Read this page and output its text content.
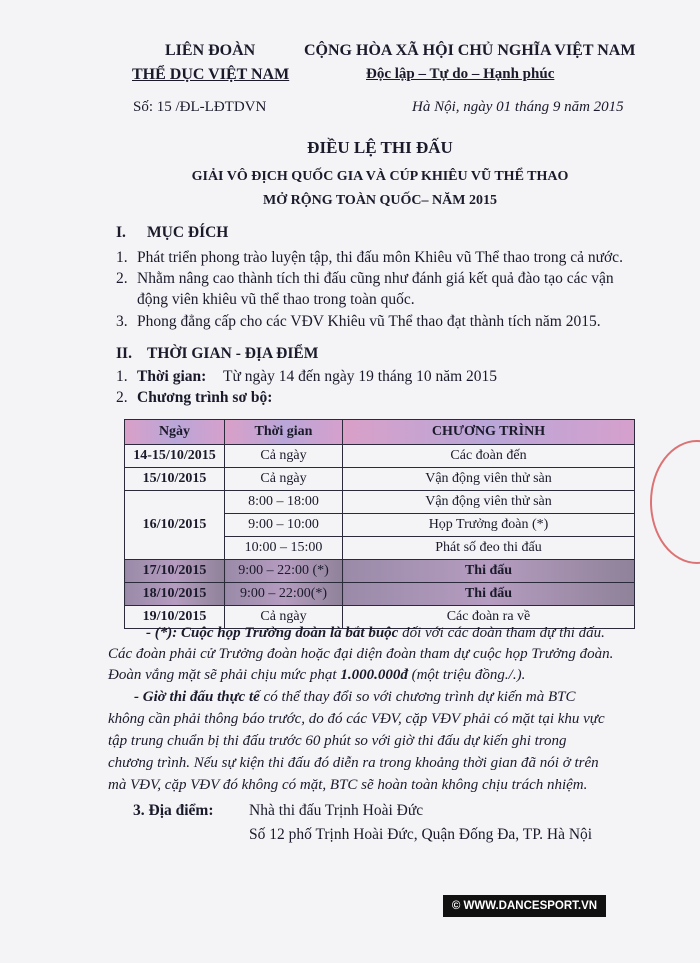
LIÊN ĐOÀN
THỂ DỤC VIỆT NAM
CỘNG HÒA XÃ HỘI CHỦ NGHĨA VIỆT NAM
Độc lập – Tự do – Hạnh phúc
Số: 15 /ĐL-LĐTDVN	Hà Nội, ngày 01 tháng 9 năm 2015
ĐIỀU LỆ THI ĐẤU
GIẢI VÔ ĐỊCH QUỐC GIA VÀ CÚP KHIÊU VŨ THỂ THAO
MỞ RỘNG TOÀN QUỐC– NĂM 2015
I. MỤC ĐÍCH
1. Phát triển phong trào luyện tập, thi đấu môn Khiêu vũ Thể thao trong cả nước.
2. Nhằm nâng cao thành tích thi đấu cũng như đánh giá kết quả đào tạo các vận
động viên khiêu vũ thể thao trong toàn quốc.
3. Phong đẳng cấp cho các VĐV Khiêu vũ Thể thao đạt thành tích năm 2015.
II. THỜI GIAN - ĐỊA ĐIỂM
1. Thời gian: Từ ngày 14 đến ngày 19 tháng 10 năm 2015
2. Chương trình sơ bộ:
Ngày	Thời gian	CHƯƠNG TRÌNH
14-15/10/2015	Cả ngày	Các đoàn đến
15/10/2015	Cả ngày	Vận động viên thử sàn
16/10/2015	8:00 – 18:00	Vận động viên thử sàn
	9:00 – 10:00	Họp Trưởng đoàn (*)
	10:00 – 15:00	Phát số đeo thi đấu
17/10/2015	9:00 – 22:00 (*)	Thi đấu
18/10/2015	9:00 – 22:00(*)	Thi đấu
19/10/2015	Cả ngày	Các đoàn ra về
- (*): Cuộc họp Trưởng đoàn là bắt buộc đối với các đoàn tham dự thi đấu.
Các đoàn phải cử Trưởng đoàn hoặc đại diện đoàn tham dự cuộc họp Trưởng đoàn.
Đoàn vắng mặt sẽ phải chịu mức phạt 1.000.000đ (một triệu đồng./.).
- Giờ thi đấu thực tế có thể thay đổi so với chương trình dự kiến mà BTC
không cần phải thông báo trước, do đó các VĐV, cặp VĐV phải có mặt tại khu vực
tập trung chuẩn bị thi đấu trước 60 phút so với giờ thi đấu dự kiến ghi trong
chương trình. Nếu sự kiện thi đấu đó diễn ra trong khoảng thời gian đã nói ở trên
mà VĐV, cặp VĐV đó không có mặt, BTC sẽ hoàn toàn không chịu trách nhiệm.
3. Địa điểm: Nhà thi đấu Trịnh Hoài Đức
Số 12 phố Trịnh Hoài Đức, Quận Đống Đa, TP. Hà Nội
© WWW.DANCESPORT.VN
